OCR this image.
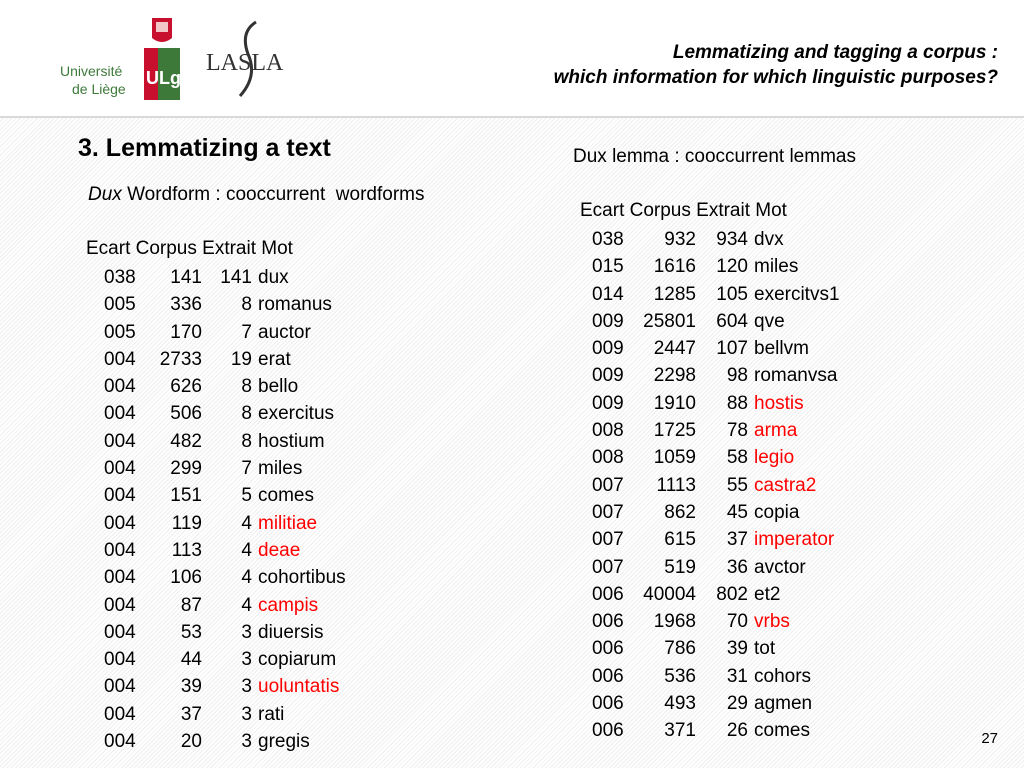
Université
de Liège
ULg
LASLA	Lemmatizing and tagging a corpus :
which information for which linguistic purposes?
3. Lemmatizing a text
Dux Wordform : cooccurrent  wordforms
Dux lemma : cooccurrent lemmas
Ecart Corpus Extrait Mot
Ecart Corpus Extrait Mot
038 141 141 dux
005 336 8 romanus
005 170 7 auctor
004 2733 19 erat
004 626 8 bello
004 506 8 exercitus
004 482 8 hostium
004 299 7 miles
004 151 5 comes
004 119 4 militiae
004 113 4 deae
004 106 4 cohortibus
004 87 4 campis
004 53 3 diuersis
004 44 3 copiarum
004 39 3 uoluntatis
004 37 3 rati
004 20 3 gregis
038 932 934 dvx
015 1616 120 miles
014 1285 105 exercitvs1
009 25801 604 qve
009 2447 107 bellvm
009 2298 98 romanvsa
009 1910 88 hostis
008 1725 78 arma
008 1059 58 legio
007 1113 55 castra2
007 862 45 copia
007 615 37 imperator
007 519 36 avctor
006 40004 802 et2
006 1968 70 vrbs
006 786 39 tot
006 536 31 cohors
006 493 29 agmen
006 371 26 comes	27
